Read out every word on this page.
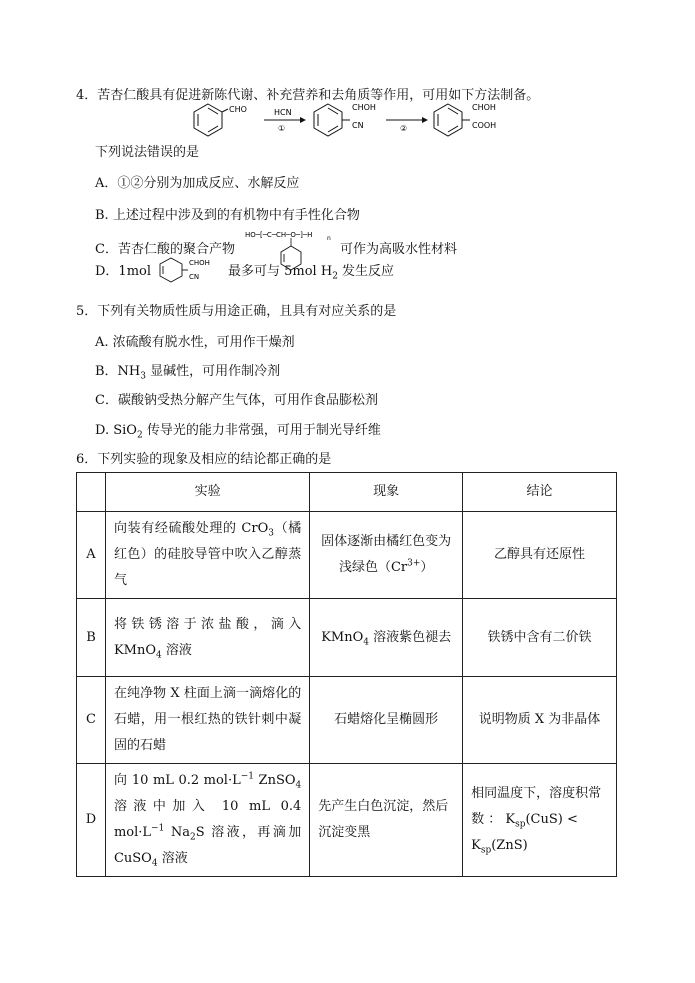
4．苦杏仁酸具有促进新陈代谢、补充营养和去角质等作用，可用如下方法制备。
CHO	HCN
①
CHOH
CN	②
CHOH
COOH
下列说法错误的是
A．①②分别为加成反应、水解反应
B. 上述过程中涉及到的有机物中有手性化合物
C．苦杏仁酸的聚合产物
HO─[─C─CH─O─]─H n
可作为高吸水性材料
D．1mol
CHOH
CN 最多可与 5mol $H_2$ 发生反应
5．下列有关物质性质与用途正确，且具有对应关系的是
A. 浓硫酸有脱水性，可用作干燥剂
B．$NH_3$ 显碱性，可用作制冷剂
C．碳酸钠受热分解产生气体，可用作食品膨松剂
D. SiO$_2$ 传导光的能力非常强，可用于制光导纤维
6．下列实验的现象及相应的结论都正确的是
	实验	现象	结论
A	向装有经硫酸处理的 CrO$_3$（橘红色）的硅胶导管中吹入乙醇蒸气	固体逐渐由橘红色变为浅绿色$(Cr^{3+})$	乙醇具有还原性
B	将铁锈溶于浓盐酸，滴入 KMnO$_4$ 溶液	KMnO$_4$ 溶液紫色褪去	铁锈中含有二价铁
C	在纯净物 X 柱面上滴一滴熔化的石蜡，用一根红热的铁针刺中凝固的石蜡	石蜡熔化呈椭圆形	说明物质 X 为非晶体
D	向 10 mL 0.2 $mol\cdot L^{-1}$ ZnSO$_4$ 溶液中加入 10 mL 0.4 $mol\cdot L^{-1}$ $Na_2S$ 溶液，再滴加 CuSO$_4$ 溶液	先产生白色沉淀，然后沉淀变黑	相同温度下，溶度积常数 ： $K_{sp}(CuS) < K_{sp}(ZnS)$
